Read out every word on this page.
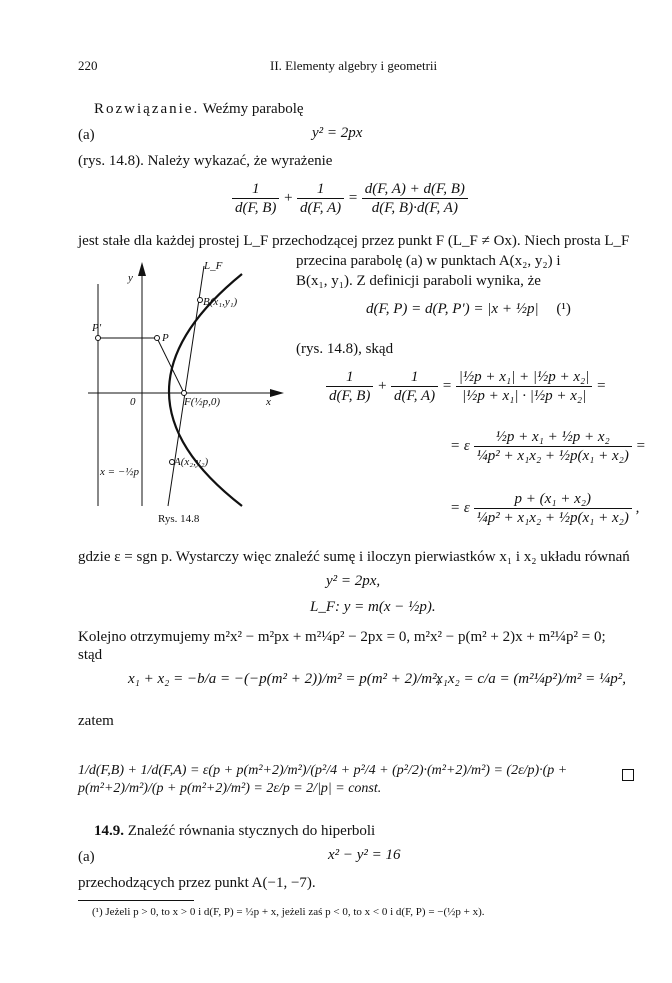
220	II. Elementy algebry i geometrii
Rozwiązanie. Weźmy parabolę
(a)	y² = 2px
(rys. 14.8). Należy wykazać, że wyrażenie
$\frac{1}{d(F, B)} + \frac{1}{d(F, A)} = \frac{d(F, A) + d(F, B)}{d(F, B)\cdot d(F, A)}$
jest stałe dla każdej prostej L_F przechodzącej przez punkt F (L_F ≠ Ox). Niech prosta L_F
y
L_F
B(x₁,y₁)
P′
P
0	F(½p,0)	x
A(x₂,y₂)
x = −½p
Rys. 14.8
przecina parabolę (a) w punktach A(x₂, y₂) i
B(x₁, y₁). Z definicji paraboli wynika, że
d(F, P) = d(P, P′) = |x + ½p| (¹)
(rys. 14.8), skąd
$\frac{1}{d(F, B)} + \frac{1}{d(F, A)} = \frac{\text{|½p + x₁| + |½p + x₂|}}{\text{|½p + x₁| · |½p + x₂|}}$ =
= ε $\frac{\text{½p + x₁ + ½p + x₂}}{\text{¼p² + x₁x₂ + ½p(x₁ + x₂)}}$ =
= ε $\frac{\text{p + (x₁ + x₂)}}{\text{¼p² + x₁x₂ + ½p(x₁ + x₂)}}$ ,
gdzie ε = sgn p. Wystarczy więc znaleźć sumę i iloczyn pierwiastków x₁ i x₂ układu równań
y² = 2px,
L_F: y = m(x − ½p).
Kolejno otrzymujemy m²x² − m²px + m²¼p² − 2px = 0, m²x² − p(m² + 2)x + m²¼p² = 0;
stąd
x₁ + x₂ = −b/a = −(−p(m² + 2))/m² = p(m² + 2)/m²,
x₁x₂ = c/a = (m²¼p²)/m² = ¼p²,
zatem
1/d(F,B) + 1/d(F,A) = ε(p + p(m²+2)/m²)/(p²/4 + p²/4 + (p²/2)·(m²+2)/m²) = (2ε/p)·(p + p(m²+2)/m²)/(p + p(m²+2)/m²) = 2ε/p = 2/|p| = const.
14.9. Znaleźć równania stycznych do hiperboli
(a)	x² − y² = 16
przechodzących przez punkt A(−1, −7).
(¹) Jeżeli p > 0, to x > 0 i d(F, P) = ½p + x, jeżeli zaś p < 0, to x < 0 i d(F, P) = −(½p + x).
